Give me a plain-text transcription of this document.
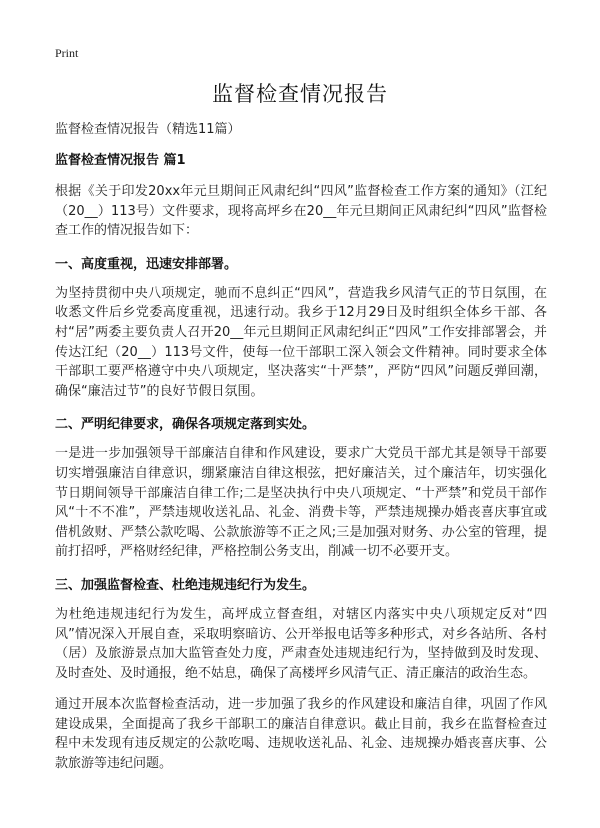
Print
监督检查情况报告
监督检查情况报告（精选11篇）
监督检查情况报告 篇1

根据《关于印发20xx年元旦期间正风肃纪纠“四风”监督检查工作方案的通知》（江纪（20__）113号）文件要求，现将高坪乡在20__年元旦期间正风肃纪纠“四风”监督检查工作的情况报告如下：

一、高度重视，迅速安排部署。

为坚持贯彻中央八项规定，驰而不息纠正“四风”，营造我乡风清气正的节日氛围，在收悉文件后乡党委高度重视，迅速行动。我乡于12月29日及时组织全体乡干部、各村“居”两委主要负责人召开20__年元旦期间正风肃纪纠正“四风”工作安排部署会，并传达江纪（20__）113号文件，使每一位干部职工深入领会文件精神。同时要求全体干部职工要严格遵守中央八项规定，坚决落实“十严禁”，严防“四风”问题反弹回潮，确保“廉洁过节”的良好节假日氛围。

二、严明纪律要求，确保各项规定落到实处。

一是进一步加强领导干部廉洁自律和作风建设，要求广大党员干部尤其是领导干部要切实增强廉洁自律意识，绷紧廉洁自律这根弦，把好廉洁关，过个廉洁年，切实强化节日期间领导干部廉洁自律工作;二是坚决执行中央八项规定、“十严禁”和党员干部作风“十不不准”，严禁违规收送礼品、礼金、消费卡等，严禁违规操办婚丧喜庆事宜或借机敛财、严禁公款吃喝、公款旅游等不正之风;三是加强对财务、办公室的管理，提前打招呼，严格财经纪律，严格控制公务支出，削减一切不必要开支。

三、加强监督检查、杜绝违规违纪行为发生。

为杜绝违规违纪行为发生，高坪成立督查组，对辖区内落实中央八项规定反对“四风”情况深入开展自查，采取明察暗访、公开举报电话等多种形式，对乡各站所、各村（居）及旅游景点加大监管查处力度，严肃查处违规违纪行为，坚持做到及时发现、及时查处、及时通报，绝不姑息，确保了高楼坪乡风清气正、清正廉洁的政治生态。

通过开展本次监督检查活动，进一步加强了我乡的作风建设和廉洁自律，巩固了作风建设成果，全面提高了我乡干部职工的廉洁自律意识。截止目前，我乡在监督检查过程中未发现有违反规定的公款吃喝、违规收送礼品、礼金、违规操办婚丧喜庆事、公款旅游等违纪问题。
